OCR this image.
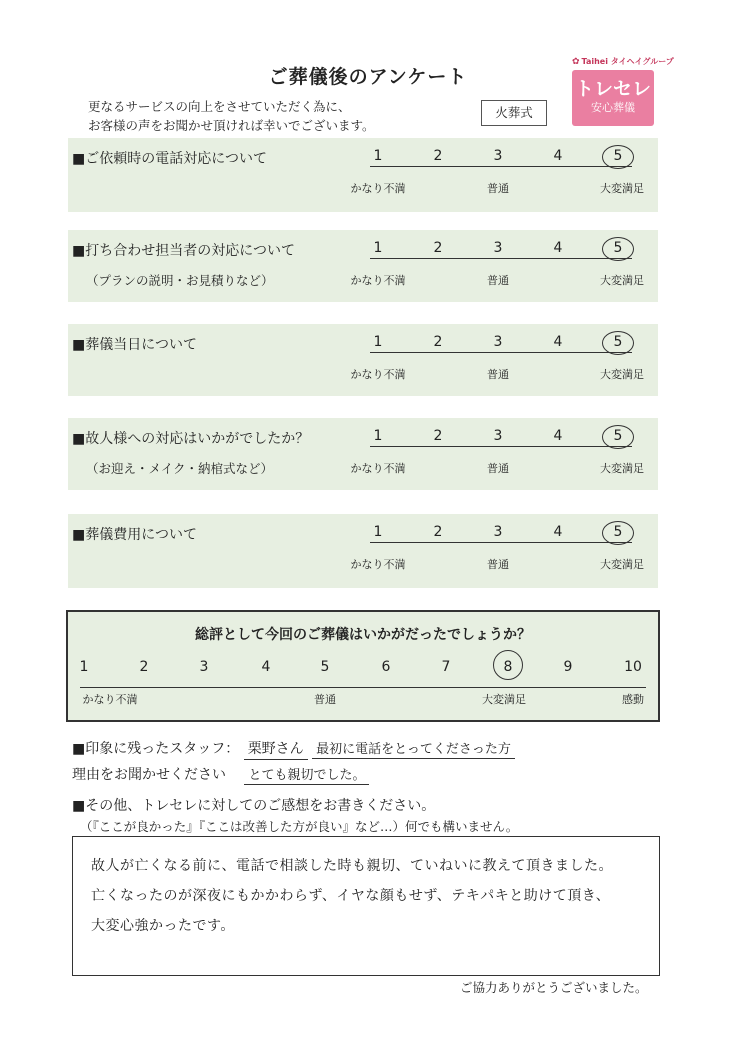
ご葬儀後のアンケート
更なるサービスの向上をさせていただく為に、
お客様の声をお聞かせ頂ければ幸いでございます。
火葬式
✿ Taihei タイヘイグループ
トレセレ
安心葬儀
■ご依頼時の電話対応について	1	2	3	4	5
かなり不満	普通	大変満足
■打ち合わせ担当者の対応について
（プランの説明・お見積りなど）
1	2	3	4	5
かなり不満	普通	大変満足
■葬儀当日について	1	2	3	4	5
かなり不満	普通	大変満足
■故人様への対応はいかがでしたか？
（お迎え・メイク・納棺式など）
1	2	3	4	5
かなり不満	普通	大変満足
■葬儀費用について	1	2	3	4	5
かなり不満	普通	大変満足
総評として今回のご葬儀はいかがだったでしょうか？
1	2	3	4	5	6	7	8	9	10
かなり不満	普通	大変満足	感動
■印象に残ったスタッフ： 栗野さん 最初に電話をとってくださった方
理由をお聞かせください とても親切でした。
■その他、トレセレに対してのご感想をお書きください。
（『ここが良かった』『ここは改善した方が良い』など…）何でも構いません。
故人が亡くなる前に、電話で相談した時も親切、ていねいに教えて頂きました。
亡くなったのが深夜にもかかわらず、イヤな顔もせず、テキパキと助けて頂き、
大変心強かったです。
ご協力ありがとうございました。
